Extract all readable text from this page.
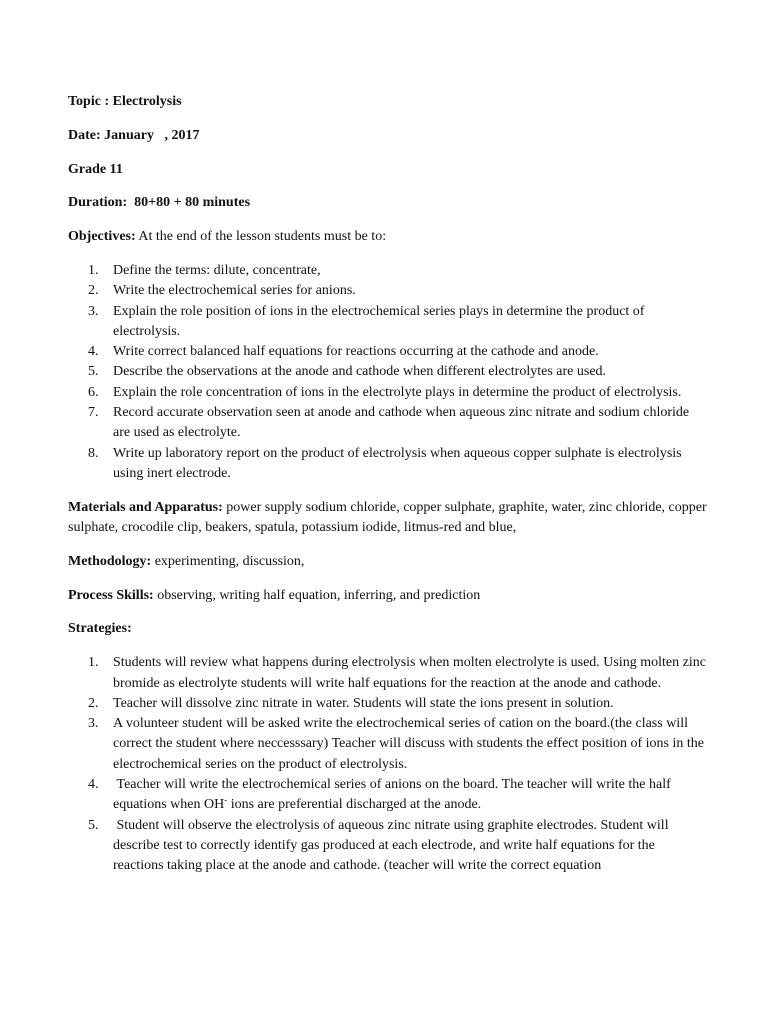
Topic : Electrolysis

Date: January   , 2017

Grade 11

Duration: 80+80 + 80 minutes

Objectives: At the end of the lesson students must be to:

1. Define the terms: dilute, concentrate,
2. Write the electrochemical series for anions.
3. Explain the role position of ions in the electrochemical series plays in determine the product of electrolysis.
4. Write correct balanced half equations for reactions occurring at the cathode and anode.
5. Describe the observations at the anode and cathode when different electrolytes are used.
6. Explain the role concentration of ions in the electrolyte plays in determine the product of electrolysis.
7. Record accurate observation seen at anode and cathode when aqueous zinc nitrate and sodium chloride are used as electrolyte.
8. Write up laboratory report on the product of electrolysis when aqueous copper sulphate is electrolysis using inert electrode.

Materials and Apparatus: power supply sodium chloride, copper sulphate, graphite, water, zinc chloride, copper sulphate, crocodile clip, beakers, spatula, potassium iodide, litmus-red and blue,

Methodology: experimenting, discussion,

Process Skills: observing, writing half equation, inferring, and prediction

Strategies:

1. Students will review what happens during electrolysis when molten electrolyte is used. Using molten zinc bromide as electrolyte students will write half equations for the reaction at the anode and cathode.
2. Teacher will dissolve zinc nitrate in water. Students will state the ions present in solution.
3. A volunteer student will be asked write the electrochemical series of cation on the board.(the class will correct the student where neccesssary) Teacher will discuss with students the effect position of ions in the electrochemical series on the product of electrolysis.
4. Teacher will write the electrochemical series of anions on the board. The teacher will write the half equations when OH- ions are preferential discharged at the anode.
5. Student will observe the electrolysis of aqueous zinc nitrate using graphite electrodes. Student will describe test to correctly identify gas produced at each electrode, and write half equations for the reactions taking place at the anode and cathode. (teacher will write the correct equation
